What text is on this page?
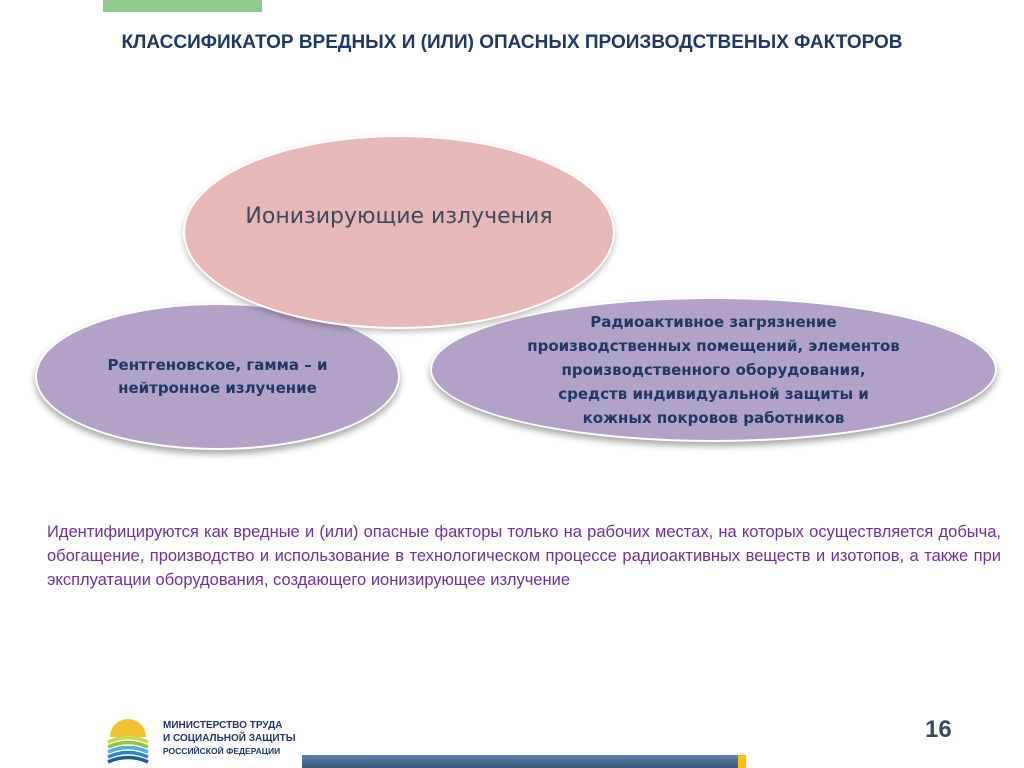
КЛАССИФИКАТОР ВРЕДНЫХ И (ИЛИ) ОПАСНЫХ ПРОИЗВОДСТВЕНЫХ ФАКТОРОВ
Рентгеновское, гамма – и нейтронное излучение
Радиоактивное загрязнение производственных помещений, элементов производственного оборудования, средств индивидуальной защиты и кожных покровов работников
Ионизирующие излучения
Идентифицируются как вредные и (или) опасные факторы только на рабочих местах, на которых осуществляется добыча, обогащение, производство и использование в технологическом процессе радиоактивных веществ и изотопов, а также при эксплуатации оборудования, создающего ионизирующее излучение
МИНИСТЕРСТВО ТРУДА
И СОЦИАЛЬНОЙ ЗАЩИТЫ
РОССИЙСКОЙ ФЕДЕРАЦИИ
16
